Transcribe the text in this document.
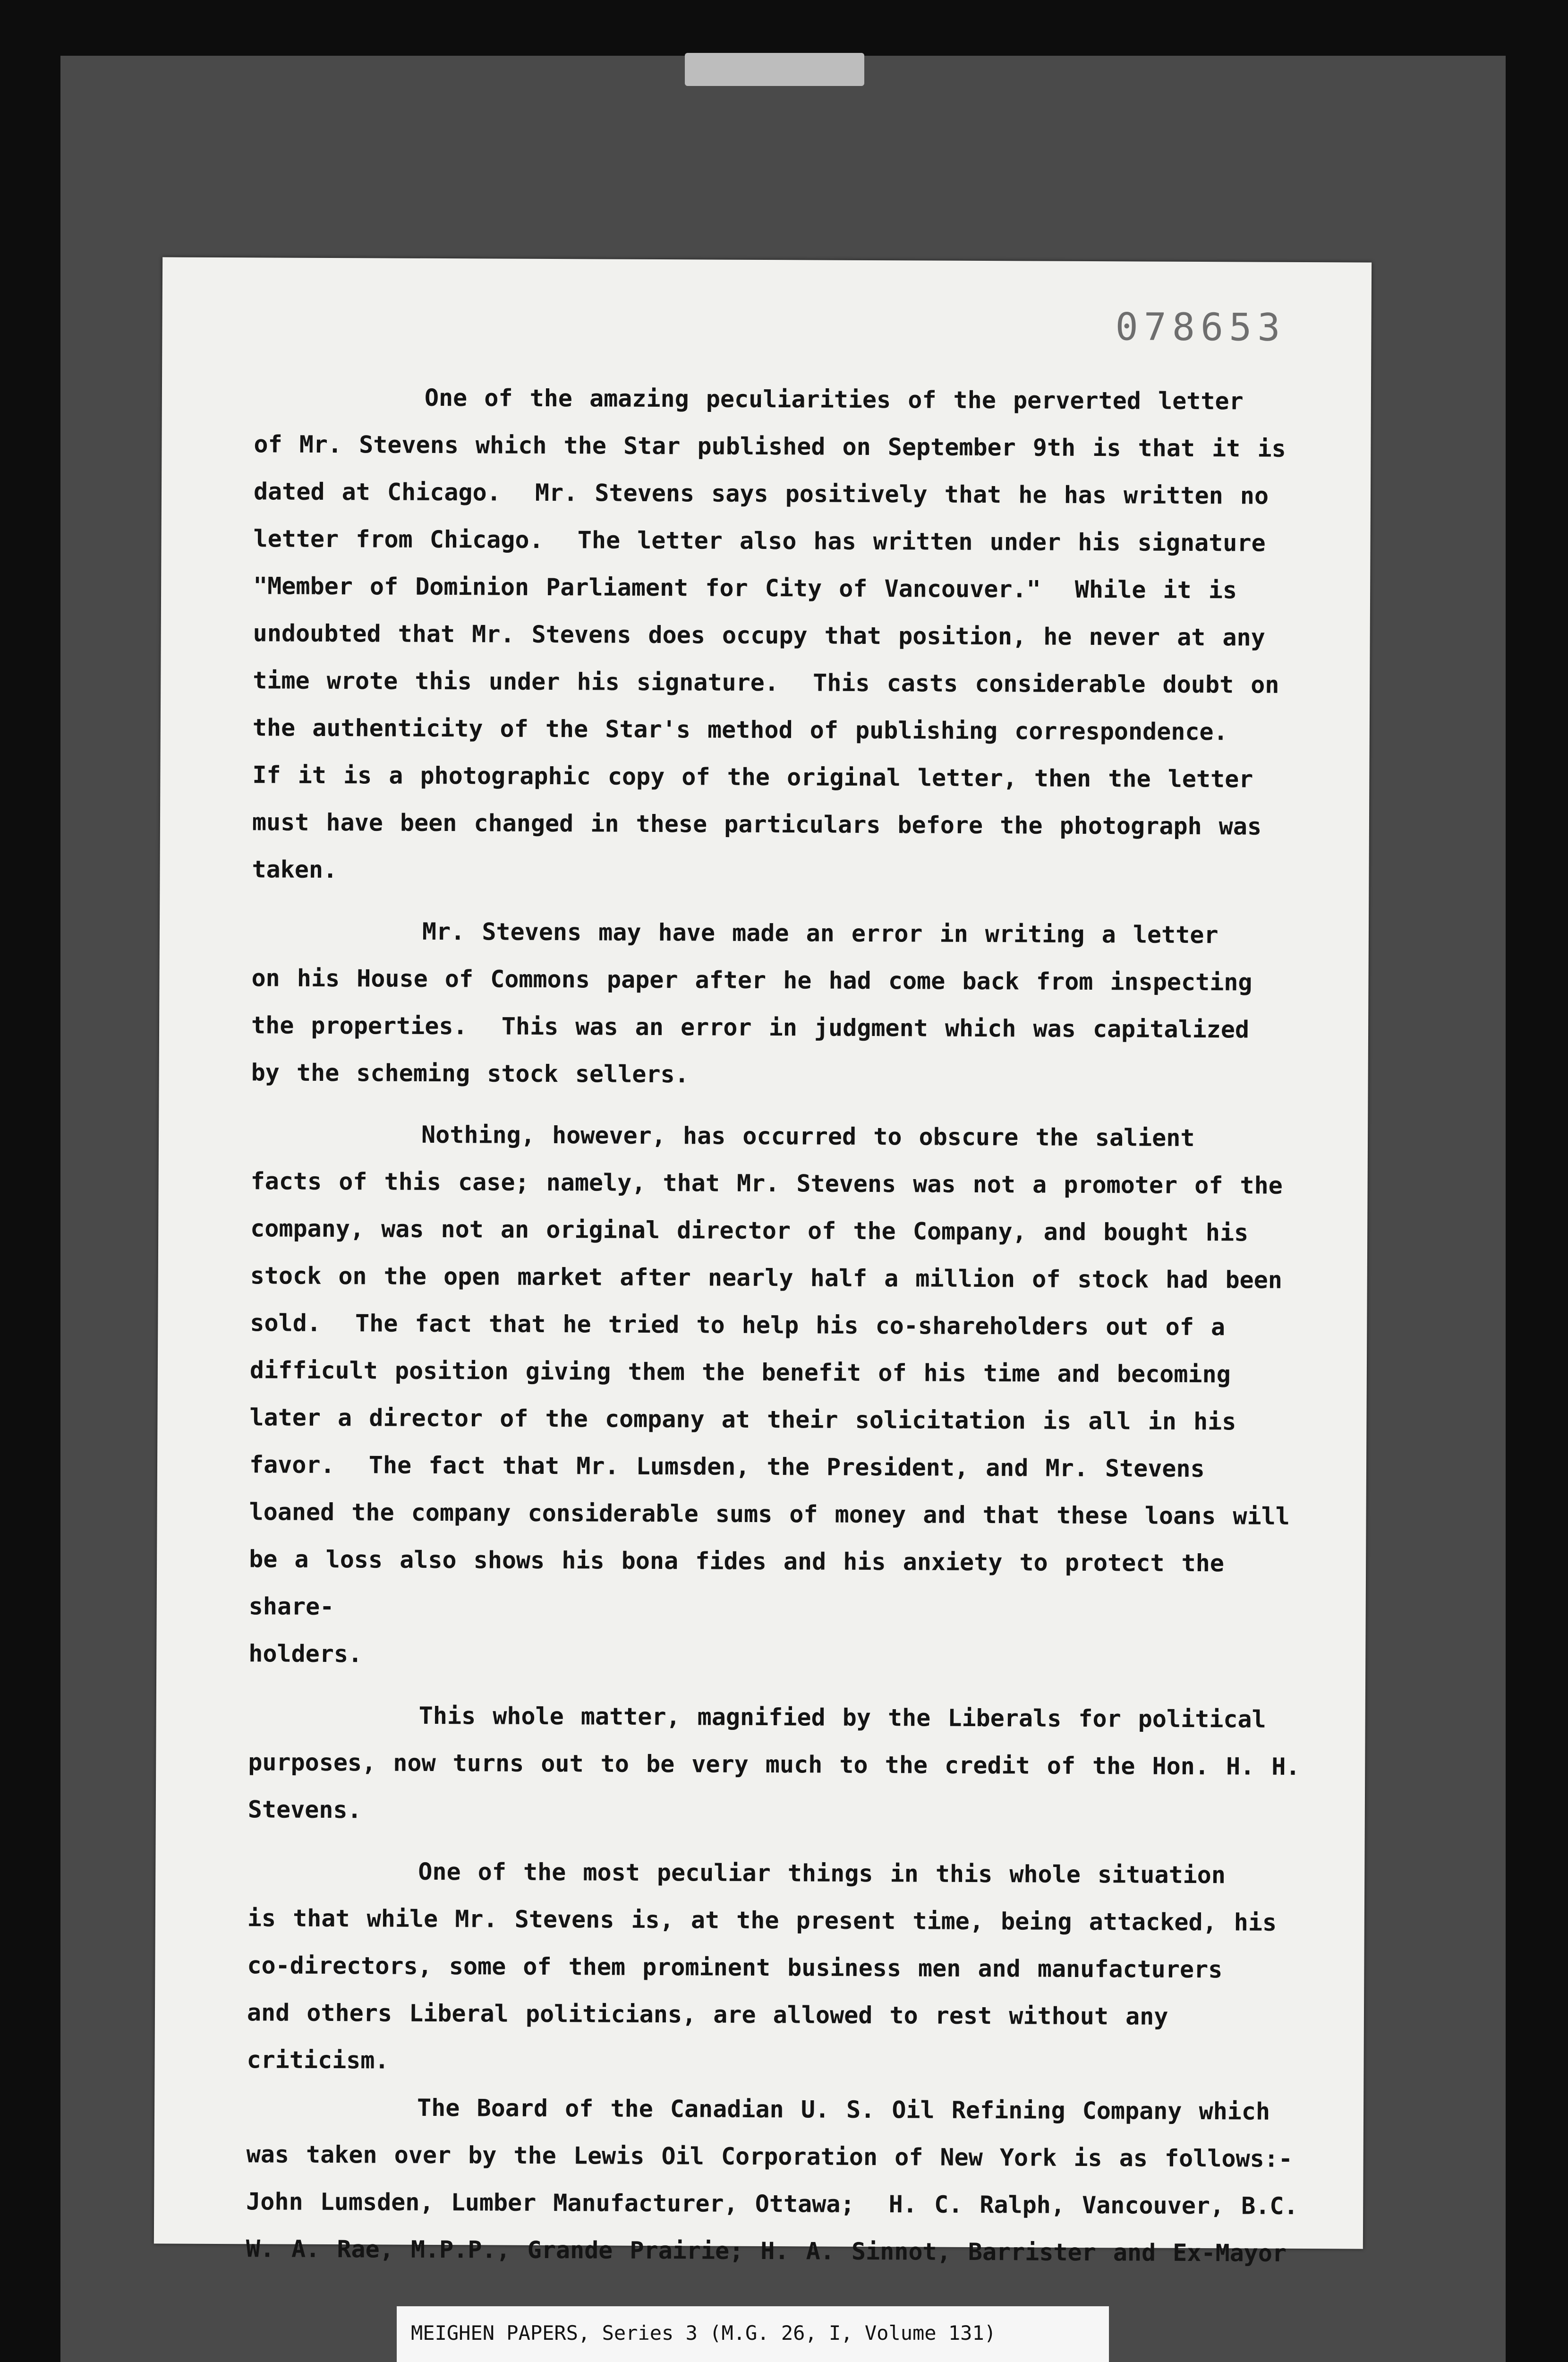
078653

One of the amazing peculiarities of the perverted letter

of Mr. Stevens which the Star published on September 9th is that it is

dated at Chicago.  Mr. Stevens says positively that he has written no

letter from Chicago.  The letter also has written under his signature

"Member of Dominion Parliament for City of Vancouver."  While it is

undoubted that Mr. Stevens does occupy that position, he never at any

time wrote this under his signature.  This casts considerable doubt on

the authenticity of the Star's method of publishing correspondence.

If it is a photographic copy of the original letter, then the letter

must have been changed in these particulars before the photograph was

taken.

Mr. Stevens may have made an error in writing a letter

on his House of Commons paper after he had come back from inspecting

the properties.  This was an error in judgment which was capitalized

by the scheming stock sellers.

Nothing, however, has occurred to obscure the salient

facts of this case; namely, that Mr. Stevens was not a promoter of the

company, was not an original director of the Company, and bought his

stock on the open market after nearly half a million of stock had been

sold.  The fact that he tried to help his co-shareholders out of a

difficult position giving them the benefit of his time and becoming

later a director of the company at their solicitation is all in his

favor.  The fact that Mr. Lumsden, the President, and Mr. Stevens

loaned the company considerable sums of money and that these loans will

be a loss also shows his bona fides and his anxiety to protect the share-

holders.

This whole matter, magnified by the Liberals for political

purposes, now turns out to be very much to the credit of the Hon. H. H.

Stevens.

One of the most peculiar things in this whole situation

is that while Mr. Stevens is, at the present time, being attacked, his

co-directors, some of them prominent business men and manufacturers

and others Liberal politicians, are allowed to rest without any criticism.

The Board of the Canadian U. S. Oil Refining Company which

was taken over by the Lewis Oil Corporation of New York is as follows:-

John Lumsden, Lumber Manufacturer, Ottawa;  H. C. Ralph, Vancouver, B.C.

W. A. Rae, M.P.P., Grande Prairie; H. A. Sinnot, Barrister and Ex-Mayor

MEIGHEN PAPERS, Series 3 (M.G. 26, I, Volume 131)
